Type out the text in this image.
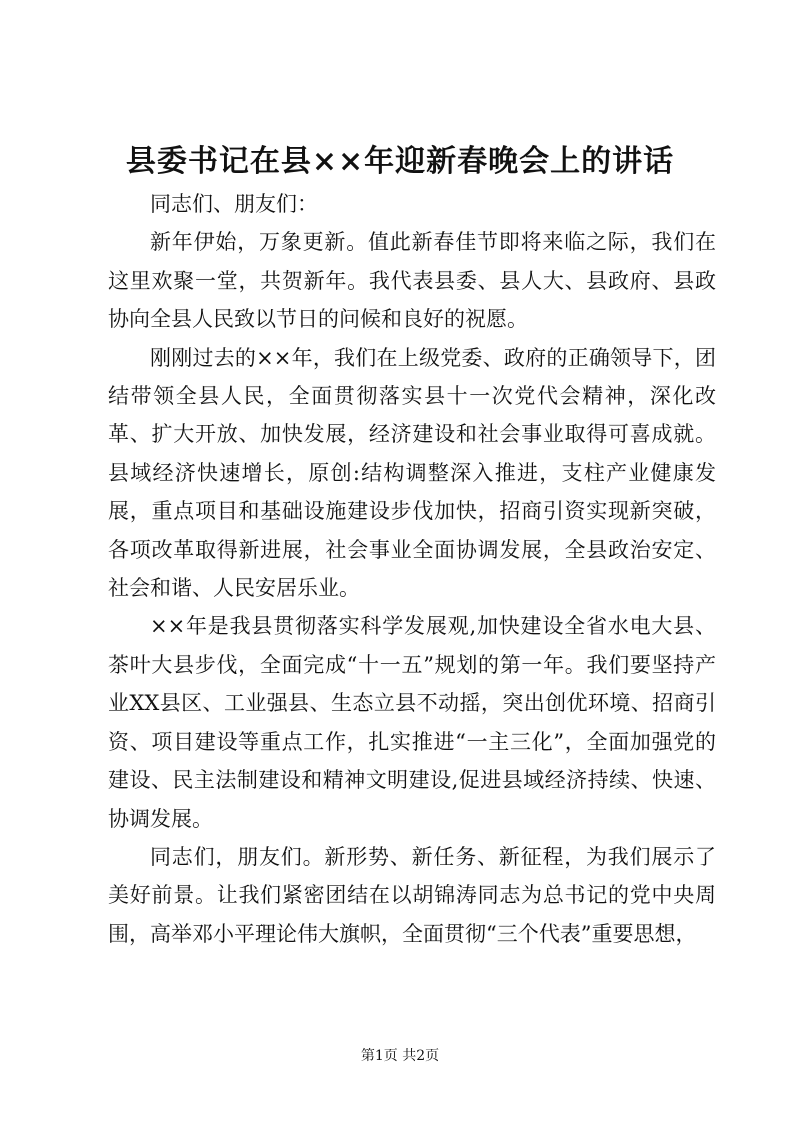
县委书记在县××年迎新春晚会上的讲话

同志们、朋友们：

新年伊始，万象更新。值此新春佳节即将来临之际，我们在这里欢聚一堂，共贺新年。我代表县委、县人大、县政府、县政协向全县人民致以节日的问候和良好的祝愿。

刚刚过去的××年，我们在上级党委、政府的正确领导下，团结带领全县人民，全面贯彻落实县十一次党代会精神，深化改革、扩大开放、加快发展，经济建设和社会事业取得可喜成就。县域经济快速增长，原创:结构调整深入推进，支柱产业健康发展，重点项目和基础设施建设步伐加快，招商引资实现新突破，各项改革取得新进展，社会事业全面协调发展，全县政治安定、社会和谐、人民安居乐业。

××年是我县贯彻落实科学发展观,加快建设全省水电大县、茶叶大县步伐，全面完成“十一五”规划的第一年。我们要坚持产业XX县区、工业强县、生态立县不动摇，突出创优环境、招商引资、项目建设等重点工作，扎实推进“一主三化”，全面加强党的建设、民主法制建设和精神文明建设,促进县域经济持续、快速、协调发展。

同志们，朋友们。新形势、新任务、新征程，为我们展示了美好前景。让我们紧密团结在以胡锦涛同志为总书记的党中央周围，高举邓小平理论伟大旗帜，全面贯彻“三个代表”重要思想，

第1页 共2页
